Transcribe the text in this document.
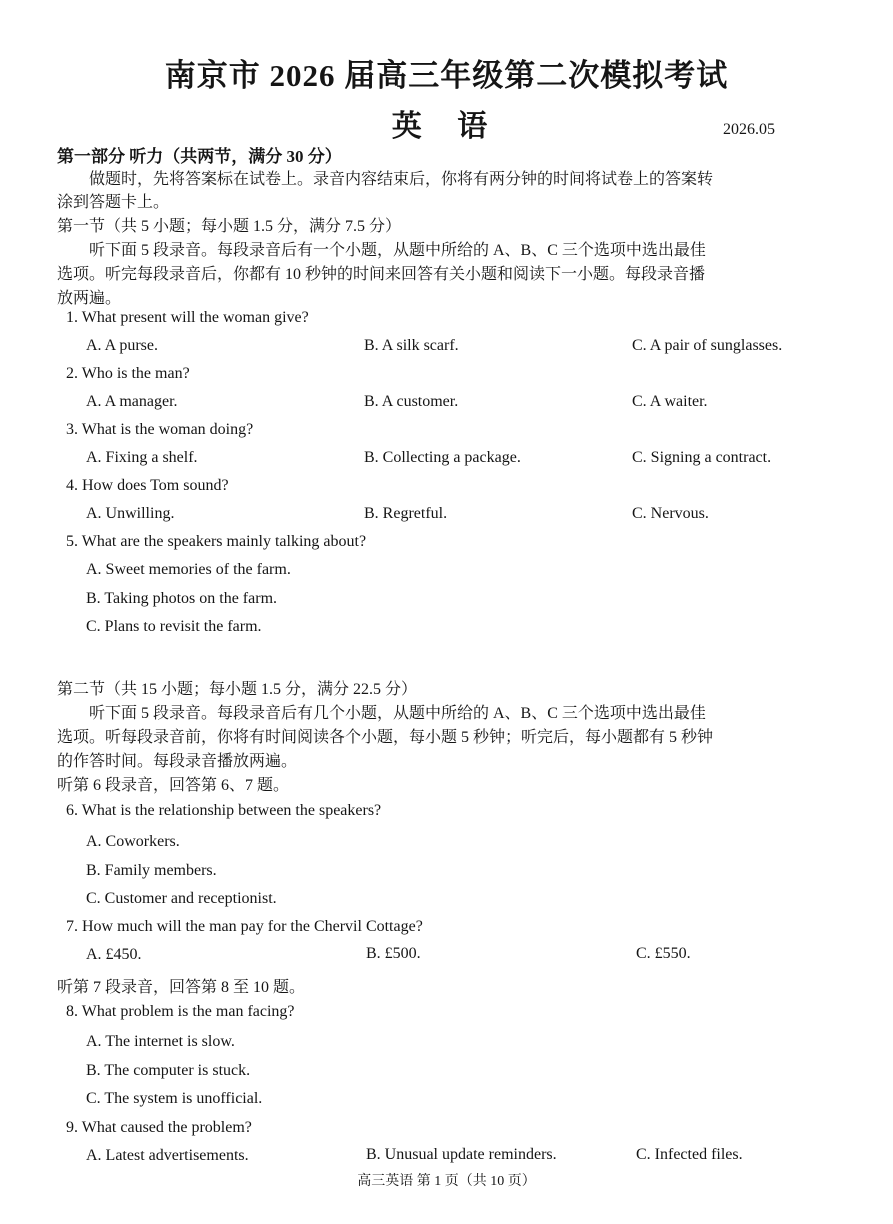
南京市 2026 届高三年级第二次模拟考试
英 语	2026.05
第一部分 听力（共两节，满分 30 分）
做题时，先将答案标在试卷上。录音内容结束后，你将有两分钟的时间将试卷上的答案转
涂到答题卡上。
第一节（共 5 小题；每小题 1.5 分，满分 7.5 分）
听下面 5 段录音。每段录音后有一个小题，从题中所给的 A、B、C 三个选项中选出最佳
选项。听完每段录音后，你都有 10 秒钟的时间来回答有关小题和阅读下一小题。每段录音播
放两遍。
1. What present will the woman give?
A. A purse.	B. A silk scarf.	C. A pair of sunglasses.
2. Who is the man?
A. A manager.	B. A customer.	C. A waiter.
3. What is the woman doing?
A. Fixing a shelf.	B. Collecting a package.	C. Signing a contract.
4. How does Tom sound?
A. Unwilling.	B. Regretful.	C. Nervous.
5. What are the speakers mainly talking about?
A. Sweet memories of the farm.
B. Taking photos on the farm.
C. Plans to revisit the farm.
第二节（共 15 小题；每小题 1.5 分，满分 22.5 分）
听下面 5 段录音。每段录音后有几个小题，从题中所给的 A、B、C 三个选项中选出最佳
选项。听每段录音前，你将有时间阅读各个小题，每小题 5 秒钟；听完后，每小题都有 5 秒钟
的作答时间。每段录音播放两遍。
听第 6 段录音，回答第 6、7 题。
6. What is the relationship between the speakers?
A. Coworkers.
B. Family members.
C. Customer and receptionist.
7. How much will the man pay for the Chervil Cottage?
A. £450.	B. £500.	C. £550.
听第 7 段录音，回答第 8 至 10 题。
8. What problem is the man facing?
A. The internet is slow.
B. The computer is stuck.
C. The system is unofficial.
9. What caused the problem?
A. Latest advertisements.	B. Unusual update reminders.	C. Infected files.
高三英语 第 1 页（共 10 页）
